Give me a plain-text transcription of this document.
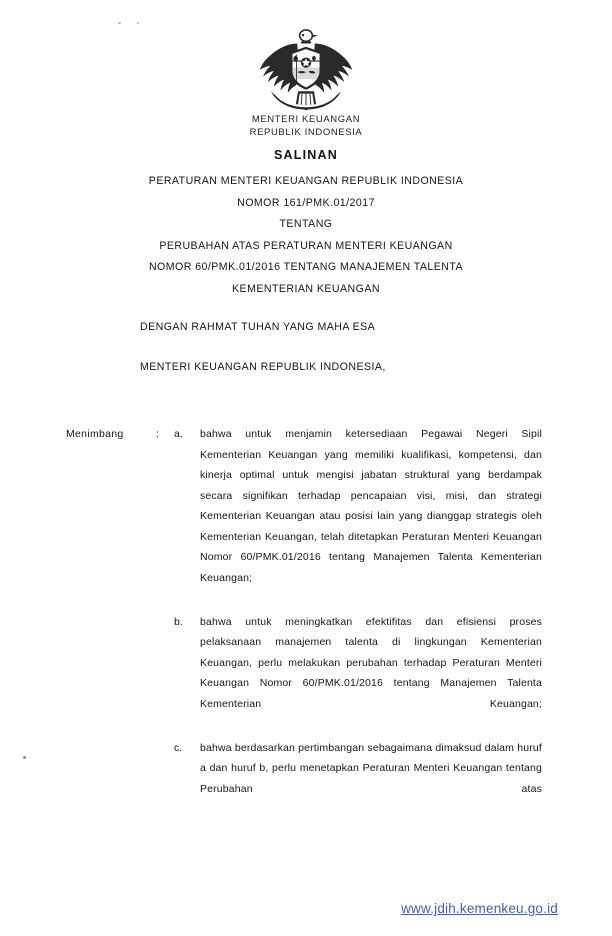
MENTERI KEUANGAN
REPUBLIK INDONESIA
SALINAN
PERATURAN MENTERI KEUANGAN REPUBLIK INDONESIA
NOMOR 161/PMK.01/2017
TENTANG
PERUBAHAN ATAS PERATURAN MENTERI KEUANGAN
NOMOR 60/PMK.01/2016 TENTANG MANAJEMEN TALENTA
KEMENTERIAN KEUANGAN
DENGAN RAHMAT TUHAN YANG MAHA ESA
MENTERI KEUANGAN REPUBLIK INDONESIA,
Menimbang	:	a.	bahwa untuk menjamin ketersediaan Pegawai Negeri Sipil Kementerian Keuangan yang memiliki kualifikasi, kompetensi, dan kinerja optimal untuk mengisi jabatan struktural yang berdampak secara signifikan terhadap pencapaian visi, misi, dan strategi Kementerian Keuangan atau posisi lain yang dianggap strategis oleh Kementerian Keuangan, telah ditetapkan Peraturan Menteri Keuangan Nomor 60/PMK.01/2016 tentang Manajemen Talenta Kementerian Keuangan;
b.	bahwa untuk meningkatkan efektifitas dan efisiensi proses pelaksanaan manajemen talenta di lingkungan Kementerian Keuangan, perlu melakukan perubahan terhadap Peraturan Menteri Keuangan Nomor 60/PMK.01/2016 tentang Manajemen Talenta Kementerian Keuangan;
c.	bahwa berdasarkan pertimbangan sebagaimana dimaksud dalam huruf a dan huruf b, perlu menetapkan Peraturan Menteri Keuangan tentang Perubahan atas
www.jdih.kemenkeu.go.id
